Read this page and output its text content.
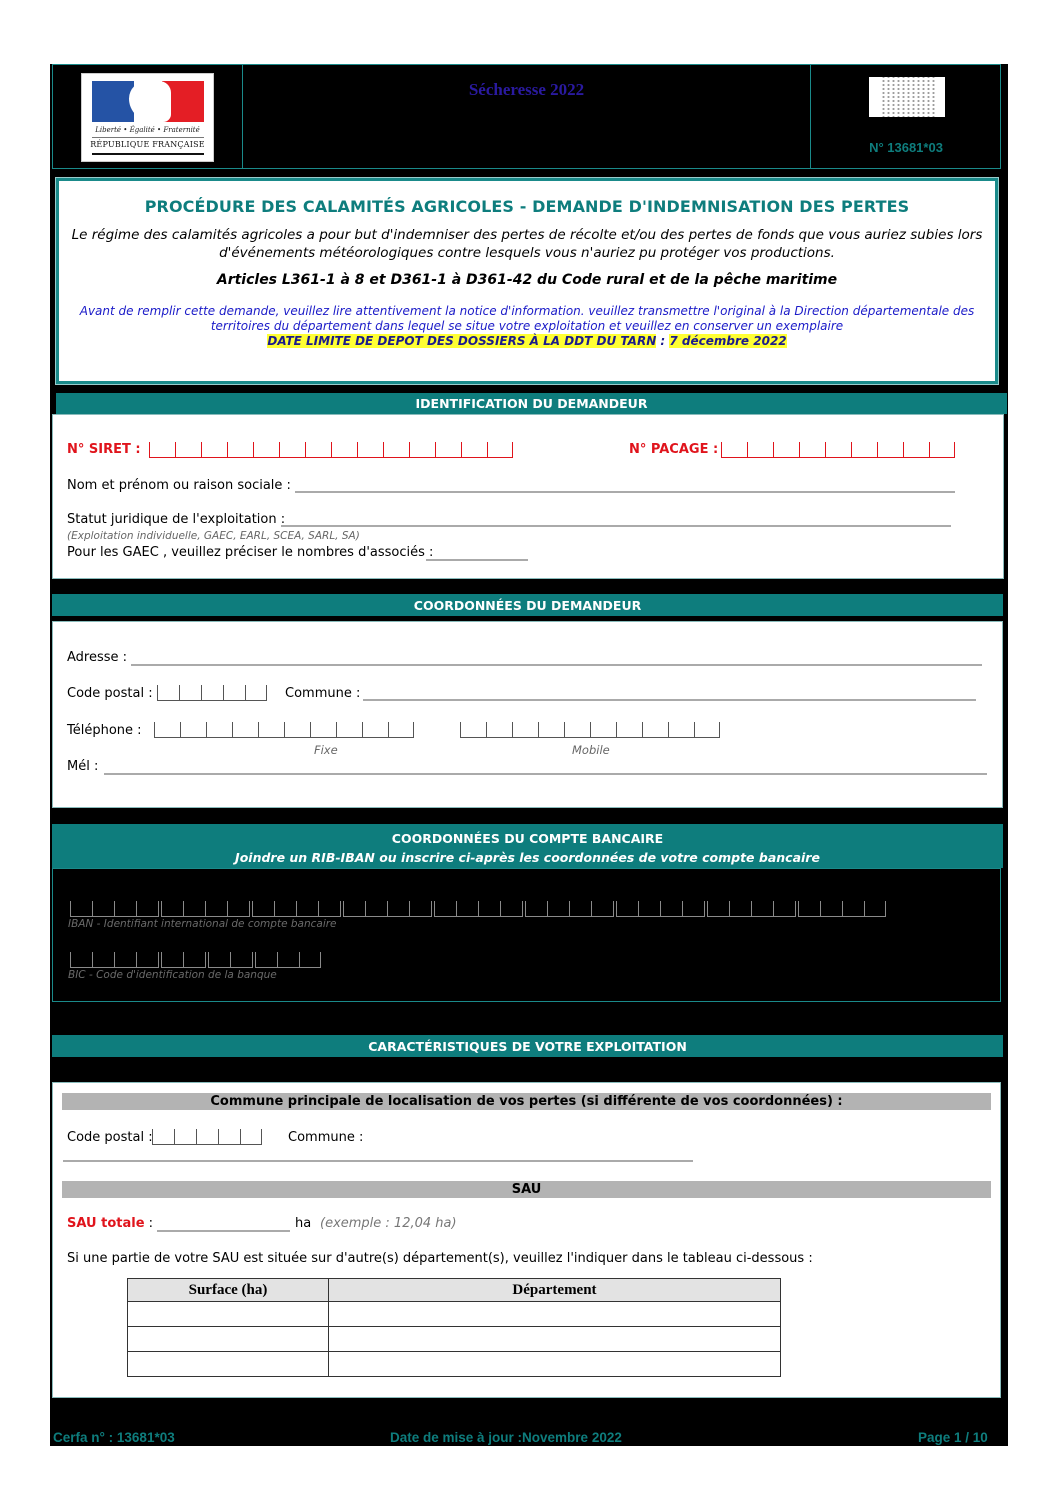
Liberté • Égalité • Fraternité
RÉPUBLIQUE FRANÇAISE
Sécheresse 2022
N° 13681*03
PROCÉDURE DES CALAMITÉS AGRICOLES - DEMANDE D'INDEMNISATION DES PERTES
Le régime des calamités agricoles a pour but d'indemniser des pertes de récolte et/ou des pertes de fonds que vous auriez subies lors d'événements météorologiques contre lesquels vous n'auriez pu protéger vos productions.
Articles L361-1 à 8 et D361-1 à D361-42 du Code rural et de la pêche maritime
Avant de remplir cette demande, veuillez lire attentivement la notice d'information. veuillez transmettre l'original à la Direction départementale des territoires du département dans lequel se situe votre exploitation et veuillez en conserver un exemplaire
DATE LIMITE DE DEPOT DES DOSSIERS À LA DDT DU TARN : 7 décembre 2022
IDENTIFICATION DU DEMANDEUR
N° SIRET :	N° PACAGE :
Nom et prénom ou raison sociale :
Statut juridique de l'exploitation :
(Exploitation individuelle, GAEC, EARL, SCEA, SARL, SA)
Pour les GAEC , veuillez préciser le nombres d'associés :
COORDONNÉES DU DEMANDEUR
Adresse :
Code postal :	Commune :
Téléphone :
Fixe	Mobile
Mél :
COORDONNÉES DU COMPTE BANCAIRE
Joindre un RIB-IBAN ou inscrire ci-après les coordonnées de votre compte bancaire
IBAN - Identifiant international de compte bancaire
BIC - Code d'identification de la banque
CARACTÉRISTIQUES DE VOTRE EXPLOITATION
Commune principale de localisation de vos pertes (si différente de vos coordonnées) :
Code postal :	Commune :
SAU
SAU totale :	ha (exemple : 12,04 ha)
Si une partie de votre SAU est située sur d'autre(s) département(s), veuillez l'indiquer dans le tableau ci-dessous :
Surface (ha)	Département

Cerfa n° : 13681*03	Date de mise à jour :Novembre 2022	Page 1 / 10
